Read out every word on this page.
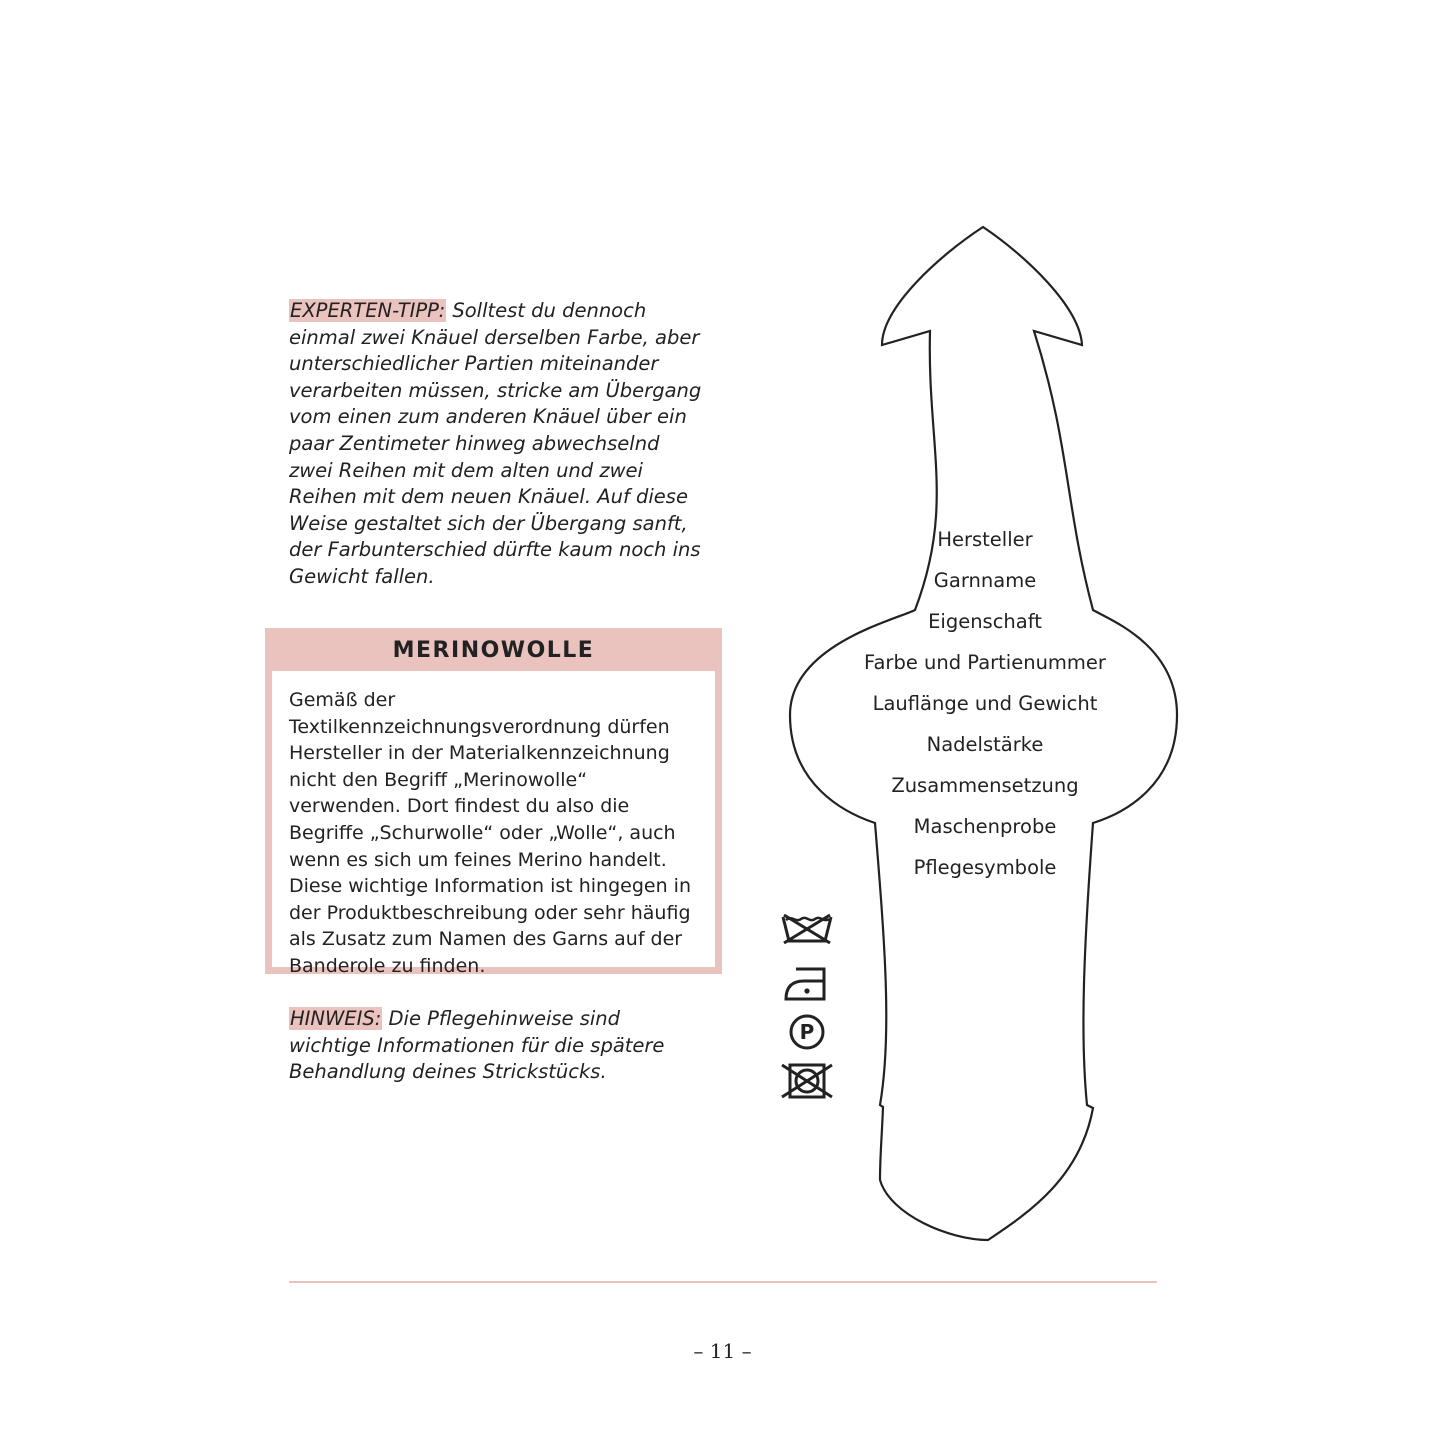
EXPERTEN-TIPP: Solltest du dennoch einmal zwei Knäuel derselben Farbe, aber unterschiedlicher Partien miteinander verarbeiten müssen, stricke am Übergang vom einen zum anderen Knäuel über ein paar Zentimeter hinweg abwechselnd zwei Reihen mit dem alten und zwei Reihen mit dem neuen Knäuel. Auf diese Weise gestaltet sich der Übergang sanft, der Farbunterschied dürfte kaum noch ins Gewicht fallen.
MERINOWOLLE
Gemäß der Textilkennzeichnungsverordnung dürfen Hersteller in der Materialkennzeichnung nicht den Begriff „Merinowolle“ verwenden. Dort findest du also die Begriffe „Schurwolle“ oder „Wolle“, auch wenn es sich um feines Merino handelt. Diese wichtige Information ist hingegen in der Produktbeschreibung oder sehr häufig als Zusatz zum Namen des Garns auf der Banderole zu finden.
HINWEIS: Die Pflegehinweise sind wichtige Informationen für die spätere Behandlung deines Strickstücks.
Hersteller
Garnname
Eigenschaft
Farbe und Partienummer
Lauflänge und Gewicht
Nadelstärke
Zusammensetzung
Maschenprobe
Pflegesymbole
P
– 11 –
